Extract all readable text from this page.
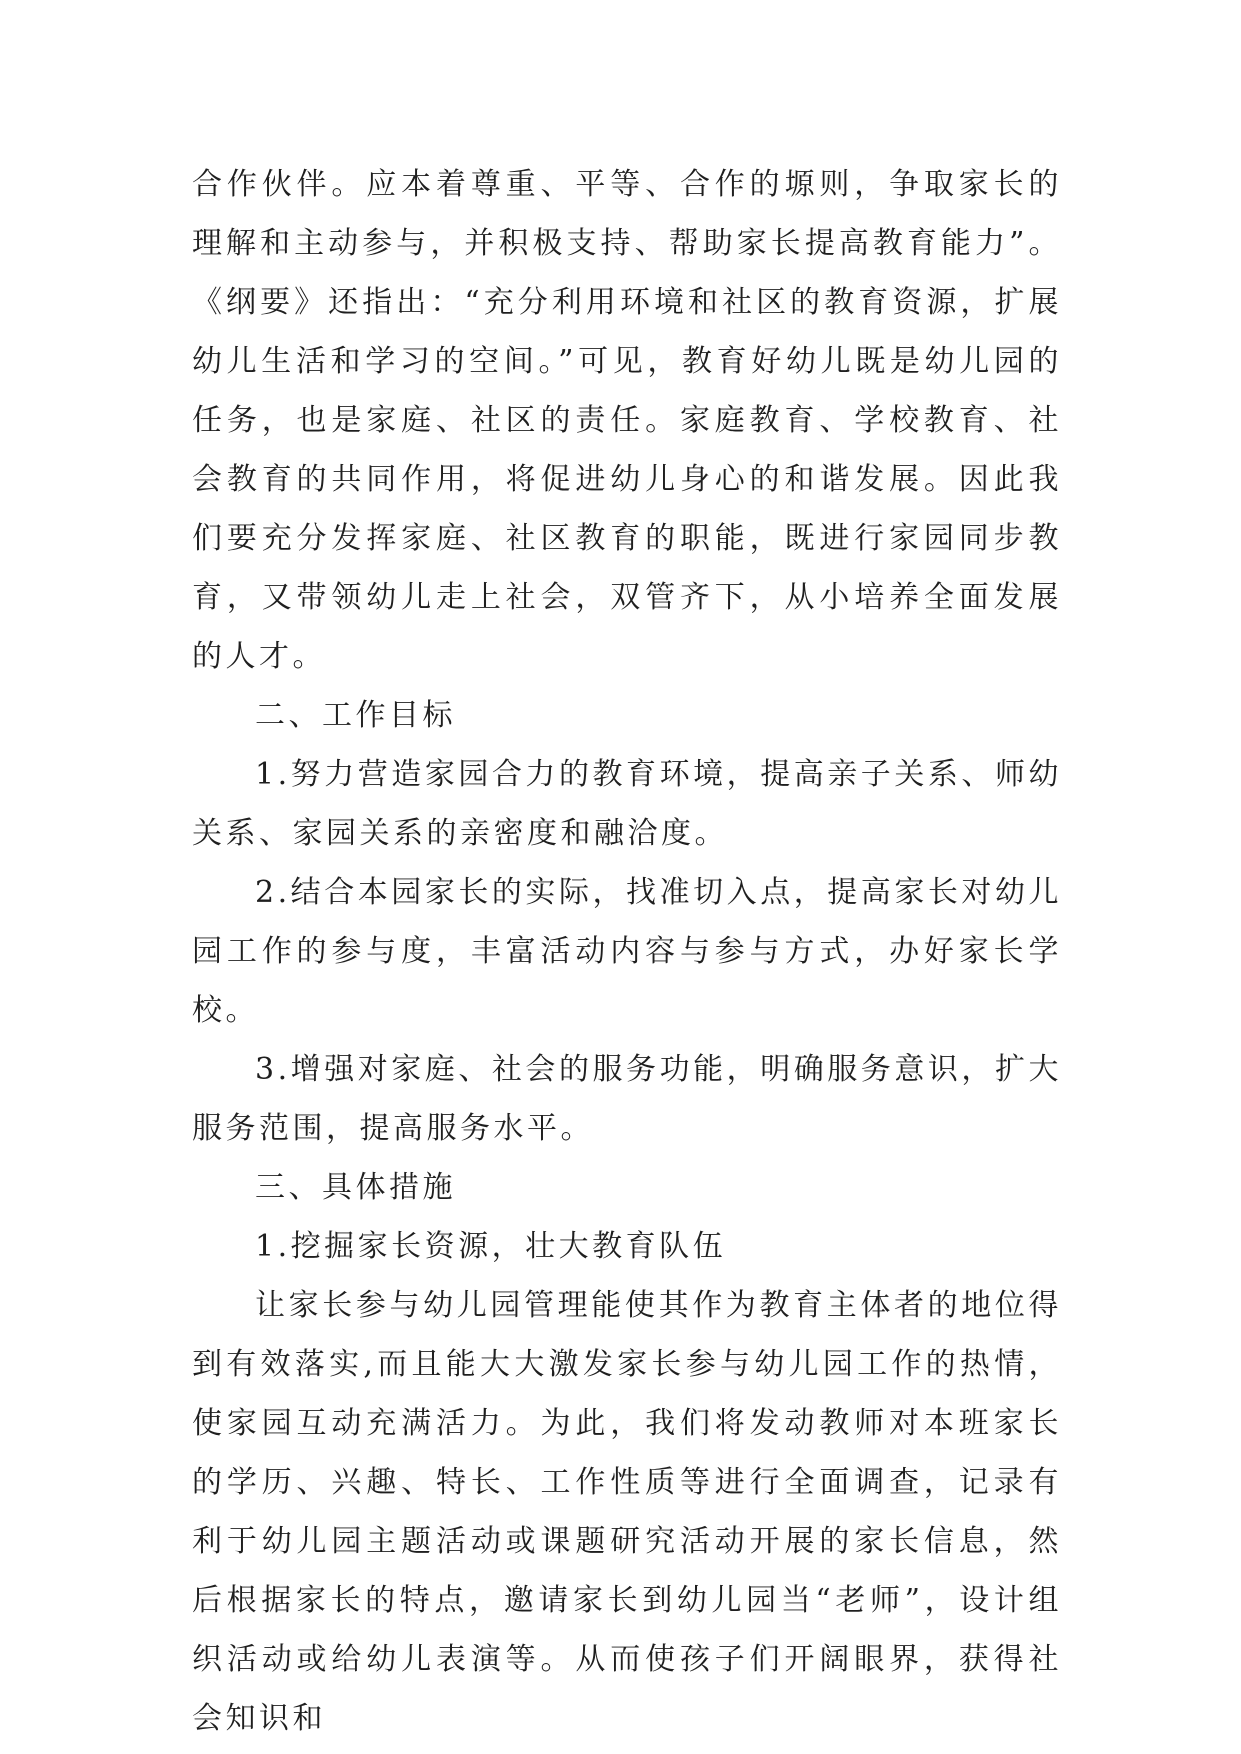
合作伙伴。应本着尊重、平等、合作的塬则，争取家长的理解和主动参与，并积极支持、帮助家长提高教育能力”。《纲要》还指出：“充分利用环境和社区的教育资源，扩展幼儿生活和学习的空间。”可见，教育好幼儿既是幼儿园的任务，也是家庭、社区的责任。家庭教育、学校教育、社会教育的共同作用，将促进幼儿身心的和谐发展。因此我们要充分发挥家庭、社区教育的职能，既进行家园同步教育，又带领幼儿走上社会，双管齐下，从小培养全面发展的人才。

二、工作目标

1.努力营造家园合力的教育环境，提高亲子关系、师幼关系、家园关系的亲密度和融洽度。

2.结合本园家长的实际，找准切入点，提高家长对幼儿园工作的参与度，丰富活动内容与参与方式，办好家长学校。

3.增强对家庭、社会的服务功能，明确服务意识，扩大服务范围，提高服务水平。

三、具体措施

1.挖掘家长资源，壮大教育队伍

让家长参与幼儿园管理能使其作为教育主体者的地位得到有效落实,而且能大大激发家长参与幼儿园工作的热情，使家园互动充满活力。为此，我们将发动教师对本班家长的学历、兴趣、特长、工作性质等进行全面调查，记录有利于幼儿园主题活动或课题研究活动开展的家长信息，然后根据家长的特点，邀请家长到幼儿园当“老师”，设计组织活动或给幼儿表演等。从而使孩子们开阔眼界，获得社会知识和
